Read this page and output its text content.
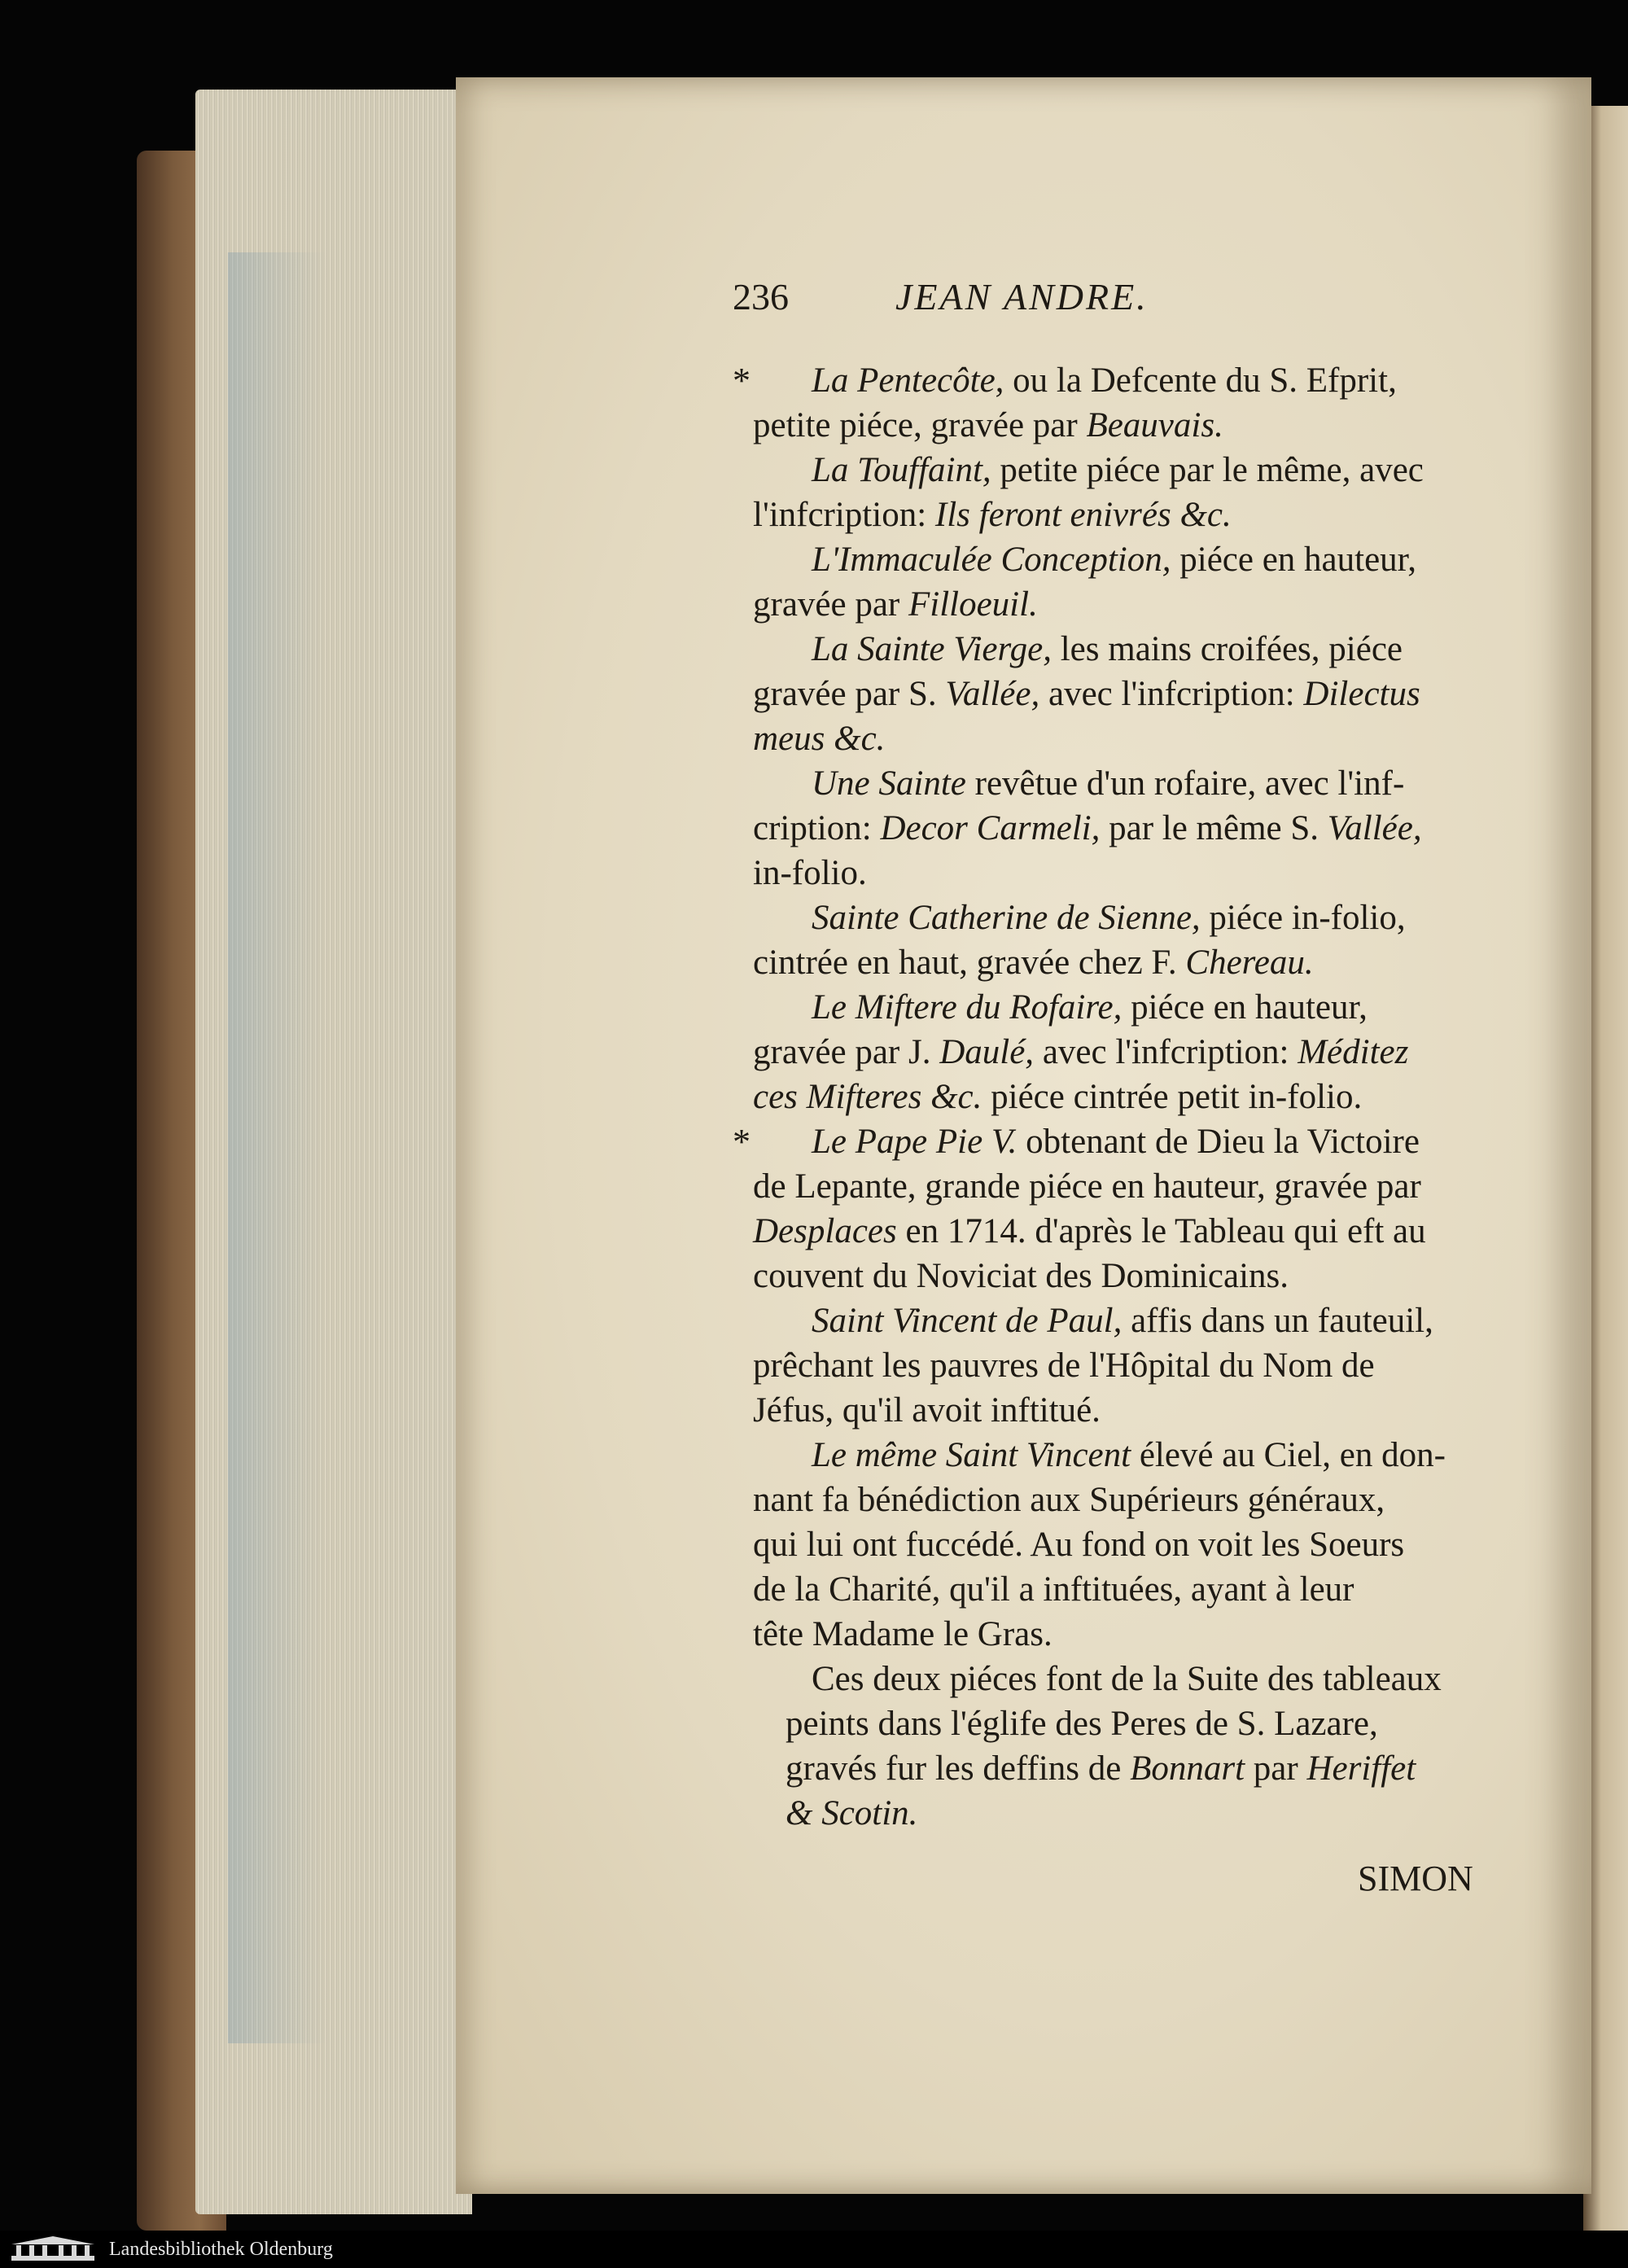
236	JEAN ANDRE.
*	La Pentecôte, ou la Defcente du S. Efprit,
petite piéce, gravée par Beauvais.
La Touffaint, petite piéce par le même, avec
l'infcription: Ils feront enivrés &c.
L'Immaculée Conception, piéce en hauteur,
gravée par Filloeuil.
La Sainte Vierge, les mains croifées, piéce
gravée par S. Vallée, avec l'infcription: Dilectus
meus &c.
Une Sainte revêtue d'un rofaire, avec l'inf-
cription: Decor Carmeli, par le même S. Vallée,
in-folio.
Sainte Catherine de Sienne, piéce in-folio,
cintrée en haut, gravée chez F. Chereau.
Le Miftere du Rofaire, piéce en hauteur,
gravée par J. Daulé, avec l'infcription: Méditez
ces Mifteres &c. piéce cintrée petit in-folio.
*	Le Pape Pie V. obtenant de Dieu la Victoire
de Lepante, grande piéce en hauteur, gravée par
Desplaces en 1714. d'après le Tableau qui eft au
couvent du Noviciat des Dominicains.
Saint Vincent de Paul, affis dans un fauteuil,
prêchant les pauvres de l'Hôpital du Nom de
Jéfus, qu'il avoit inftitué.
Le même Saint Vincent élevé au Ciel, en don-
nant fa bénédiction aux Supérieurs généraux,
qui lui ont fuccédé. Au fond on voit les Soeurs
de la Charité, qu'il a inftituées, ayant à leur
tête Madame le Gras.
Ces deux piéces font de la Suite des tableaux
peints dans l'églife des Peres de S. Lazare,
gravés fur les deffins de Bonnart par Heriffet
& Scotin.
SIMON
Landesbibliothek Oldenburg
